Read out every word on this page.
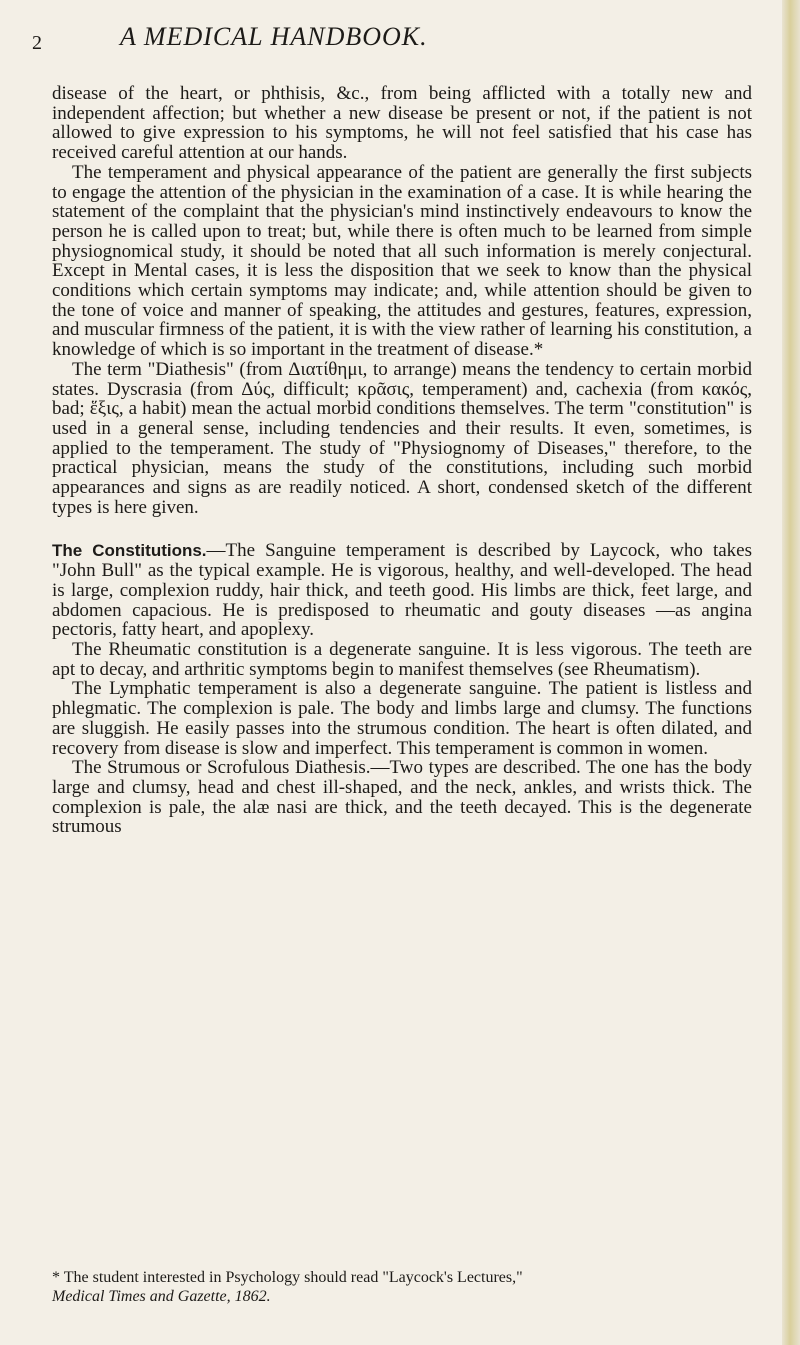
2	A MEDICAL HANDBOOK.

disease of the heart, or phthisis, &c., from being afflicted with a totally new and independent affection; but whether a new disease be present or not, if the patient is not allowed to give expression to his symptoms, he will not feel satisfied that his case has received careful attention at our hands.

The temperament and physical appearance of the patient are generally the first subjects to engage the attention of the physician in the examination of a case. It is while hearing the statement of the complaint that the physician's mind instinctively endeavours to know the person he is called upon to treat; but, while there is often much to be learned from simple physiognomical study, it should be noted that all such information is merely conjectural. Except in Mental cases, it is less the disposition that we seek to know than the physical conditions which certain symptoms may indicate; and, while attention should be given to the tone of voice and manner of speaking, the attitudes and gestures, features, expression, and muscular firmness of the patient, it is with the view rather of learning his constitution, a knowledge of which is so important in the treatment of disease.*

The term "Diathesis" (from Διατίθημι, to arrange) means the tendency to certain morbid states. Dyscrasia (from Δύς, difficult; κρᾶσις, temperament) and, cachexia (from κακός, bad; ἕξις, a habit) mean the actual morbid conditions themselves. The term "constitution" is used in a general sense, including tendencies and their results. It even, sometimes, is applied to the temperament. The study of "Physiognomy of Diseases," therefore, to the practical physician, means the study of the constitutions, including such morbid appearances and signs as are readily noticed. A short, condensed sketch of the different types is here given.

The Constitutions.—The Sanguine temperament is described by Laycock, who takes "John Bull" as the typical example. He is vigorous, healthy, and well-developed. The head is large, complexion ruddy, hair thick, and teeth good. His limbs are thick, feet large, and abdomen capacious. He is predisposed to rheumatic and gouty diseases —as angina pectoris, fatty heart, and apoplexy.

The Rheumatic constitution is a degenerate sanguine. It is less vigorous. The teeth are apt to decay, and arthritic symptoms begin to manifest themselves (see Rheumatism).

The Lymphatic temperament is also a degenerate sanguine. The patient is listless and phlegmatic. The complexion is pale. The body and limbs large and clumsy. The functions are sluggish. He easily passes into the strumous condition. The heart is often dilated, and recovery from disease is slow and imperfect. This temperament is common in women.

The Strumous or Scrofulous Diathesis.—Two types are described. The one has the body large and clumsy, head and chest ill-shaped, and the neck, ankles, and wrists thick. The complexion is pale, the alæ nasi are thick, and the teeth decayed. This is the degenerate strumous

* The student interested in Psychology should read "Laycock's Lectures,"
Medical Times and Gazette, 1862.
